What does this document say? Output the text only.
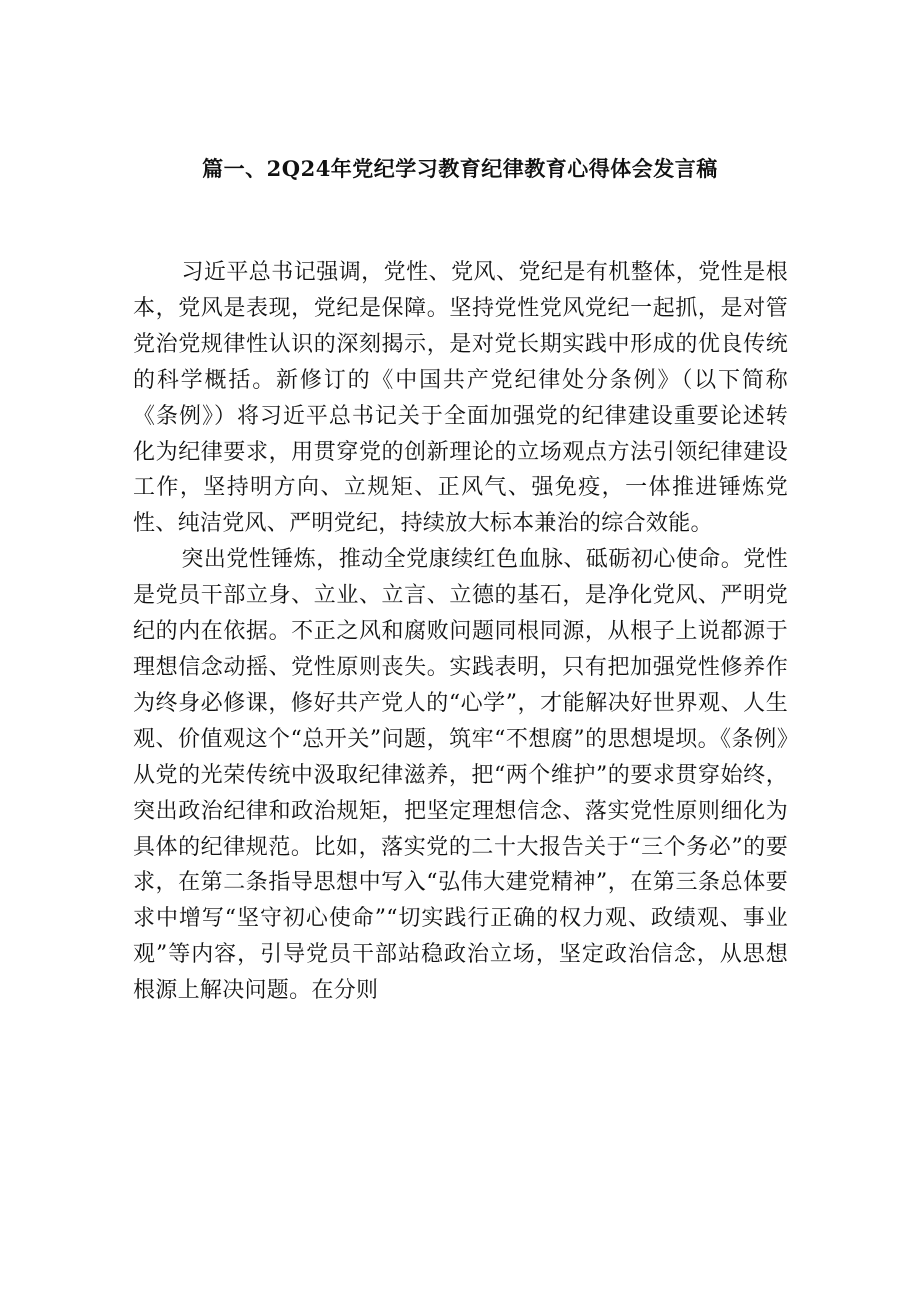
篇一、2Q24年党纪学习教育纪律教育心得体会发言稿

习近平总书记强调，党性、党风、党纪是有机整体，党性是根本，党风是表现，党纪是保障。坚持党性党风党纪一起抓，是对管党治党规律性认识的深刻揭示，是对党长期实践中形成的优良传统的科学概括。新修订的《中国共产党纪律处分条例》（以下简称《条例》）将习近平总书记关于全面加强党的纪律建设重要论述转化为纪律要求，用贯穿党的创新理论的立场观点方法引领纪律建设工作，坚持明方向、立规矩、正风气、强免疫，一体推进锤炼党性、纯洁党风、严明党纪，持续放大标本兼治的综合效能。

突出党性锤炼，推动全党康续红色血脉、砥砺初心使命。党性是党员干部立身、立业、立言、立德的基石，是净化党风、严明党纪的内在依据。不正之风和腐败问题同根同源，从根子上说都源于理想信念动摇、党性原则丧失。实践表明，只有把加强党性修养作为终身必修课，修好共产党人的“心学”，才能解决好世界观、人生观、价值观这个“总开关”问题，筑牢“不想腐”的思想堤坝。《条例》从党的光荣传统中汲取纪律滋养，把“两个维护”的要求贯穿始终，突出政治纪律和政治规矩，把坚定理想信念、落实党性原则细化为具体的纪律规范。比如，落实党的二十大报告关于“三个务必”的要求，在第二条指导思想中写入“弘伟大建党精神”，在第三条总体要求中增写“坚守初心使命”“切实践行正确的权力观、政绩观、事业观”等内容，引导党员干部站稳政治立场，坚定政治信念，从思想根源上解决问题。在分则
